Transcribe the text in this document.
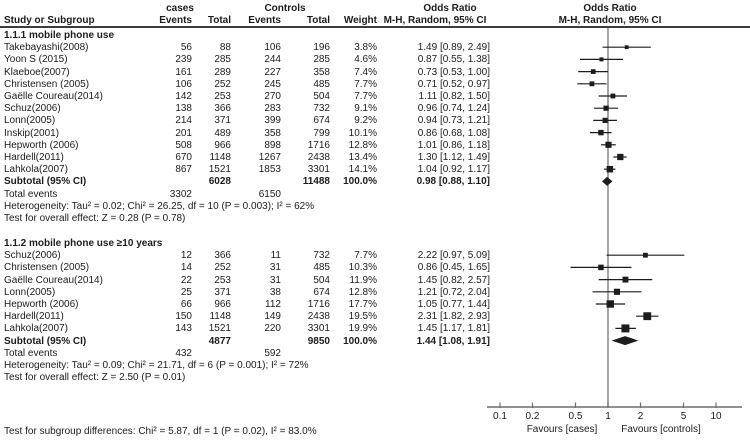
cases	Controls	Odds Ratio	Odds Ratio
Study or Subgroup	Events	Total	Events	Total	Weight M-H, Random, 95% CI	M-H, Random, 95% CI
1.1.1 mobile phone use
Takebayashi(2008)	56	88	106	196	3.8%	1.49 [0.89, 2.49]
Yoon S (2015)	239	285	244	285	4.6%	0.87 [0.55, 1.38]
Klaeboe(2007)	161	289	227	358	7.4%	0.73 [0.53, 1.00]
Christensen (2005)	106	252	245	485	7.7%	0.71 [0.52, 0.97]
Gaëlle Coureau(2014)	142	253	270	504	7.7%	1.11 [0.82, 1.50]
Schuz(2006)	138	366	283	732	9.1%	0.96 [0.74, 1.24]
Lonn(2005)	214	371	399	674	9.2%	0.94 [0.73, 1.21]
Inskip(2001)	201	489	358	799	10.1%	0.86 [0.68, 1.08]
Hepworth (2006)	508	966	898	1716	12.8%	1.01 [0.86, 1.18]
Hardell(2011)	670	1148	1267	2438	13.4%	1.30 [1.12, 1.49]
Lahkola(2007)	867	1521	1853	3301	14.1%	1.04 [0.92, 1.17]
Subtotal (95% CI)	6028	11488	100.0%	0.98 [0.88, 1.10]
Total events	3302	6150
Heterogeneity: Tau² = 0.02; Chi² = 26.25, df = 10 (P = 0.003); I² = 62%
Test for overall effect: Z = 0.28 (P = 0.78)
1.1.2 mobile phone use ≥10 years
Schuz(2006)	12	366	11	732	7.7%	2.22 [0.97, 5.09]
Christensen (2005)	14	252	31	485	10.3%	0.86 [0.45, 1.65]
Gaëlle Coureau(2014)	22	253	31	504	11.9%	1.45 [0.82, 2.57]
Lonn(2005)	25	371	38	674	12.8%	1.21 [0.72, 2.04]
Hepworth (2006)	66	966	112	1716	17.7%	1.05 [0.77, 1.44]
Hardell(2011)	150	1148	149	2438	19.5%	2.31 [1.82, 2.93]
Lahkola(2007)	143	1521	220	3301	19.9%	1.45 [1.17, 1.81]
Subtotal (95% CI)	4877	9850	100.0%	1.44 [1.08, 1.91]
Total events	432	592
Heterogeneity: Tau² = 0.09; Chi² = 21.71, df = 6 (P = 0.001); I² = 72%
Test for overall effect: Z = 2.50 (P = 0.01)
0.1 0.2	0.5 1	2	5 10
Favours [cases] Favours [controls]
Test for subgroup differences: Chi² = 5.87, df = 1 (P = 0.02), I² = 83.0%
